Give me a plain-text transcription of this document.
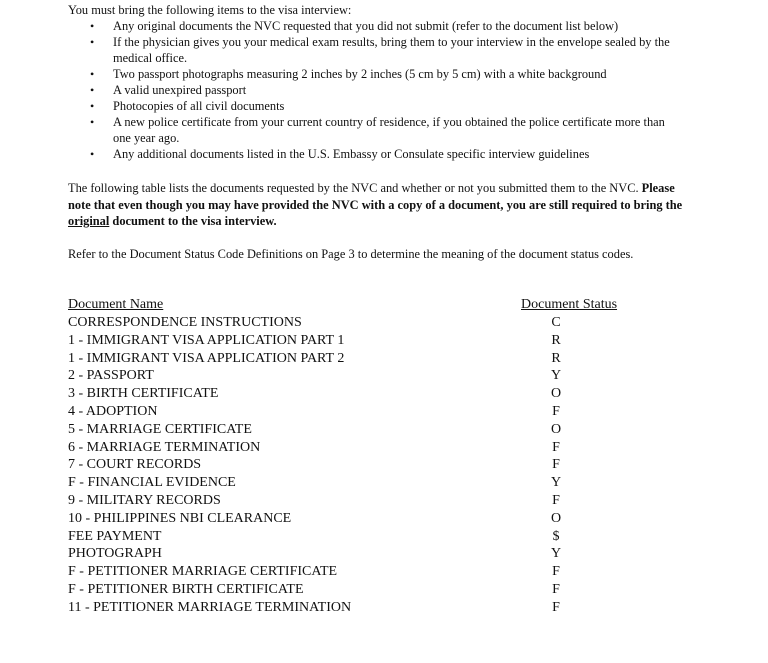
You must bring the following items to the visa interview:
• Any original documents the NVC requested that you did not submit (refer to the document list below)
• If the physician gives you your medical exam results, bring them to your interview in the envelope sealed by the medical office.
• Two passport photographs measuring 2 inches by 2 inches (5 cm by 5 cm) with a white background
• A valid unexpired passport
• Photocopies of all civil documents
• A new police certificate from your current country of residence, if you obtained the police certificate more than one year ago.
• Any additional documents listed in the U.S. Embassy or Consulate specific interview guidelines
The following table lists the documents requested by the NVC and whether or not you submitted them to the NVC. Please note that even though you may have provided the NVC with a copy of a document, you are still required to bring the original document to the visa interview.
Refer to the Document Status Code Definitions on Page 3 to determine the meaning of the document status codes.
Document Name	Document Status
CORRESPONDENCE INSTRUCTIONS	C
1 - IMMIGRANT VISA APPLICATION PART 1	R
1 - IMMIGRANT VISA APPLICATION PART 2	R
2 - PASSPORT	Y
3 - BIRTH CERTIFICATE	O
4 - ADOPTION	F
5 - MARRIAGE CERTIFICATE	O
6 - MARRIAGE TERMINATION	F
7 - COURT RECORDS	F
F - FINANCIAL EVIDENCE	Y
9 - MILITARY RECORDS	F
10 - PHILIPPINES NBI CLEARANCE	O
FEE PAYMENT	$
PHOTOGRAPH	Y
F - PETITIONER MARRIAGE CERTIFICATE	F
F - PETITIONER BIRTH CERTIFICATE	F
11 - PETITIONER MARRIAGE TERMINATION	F
